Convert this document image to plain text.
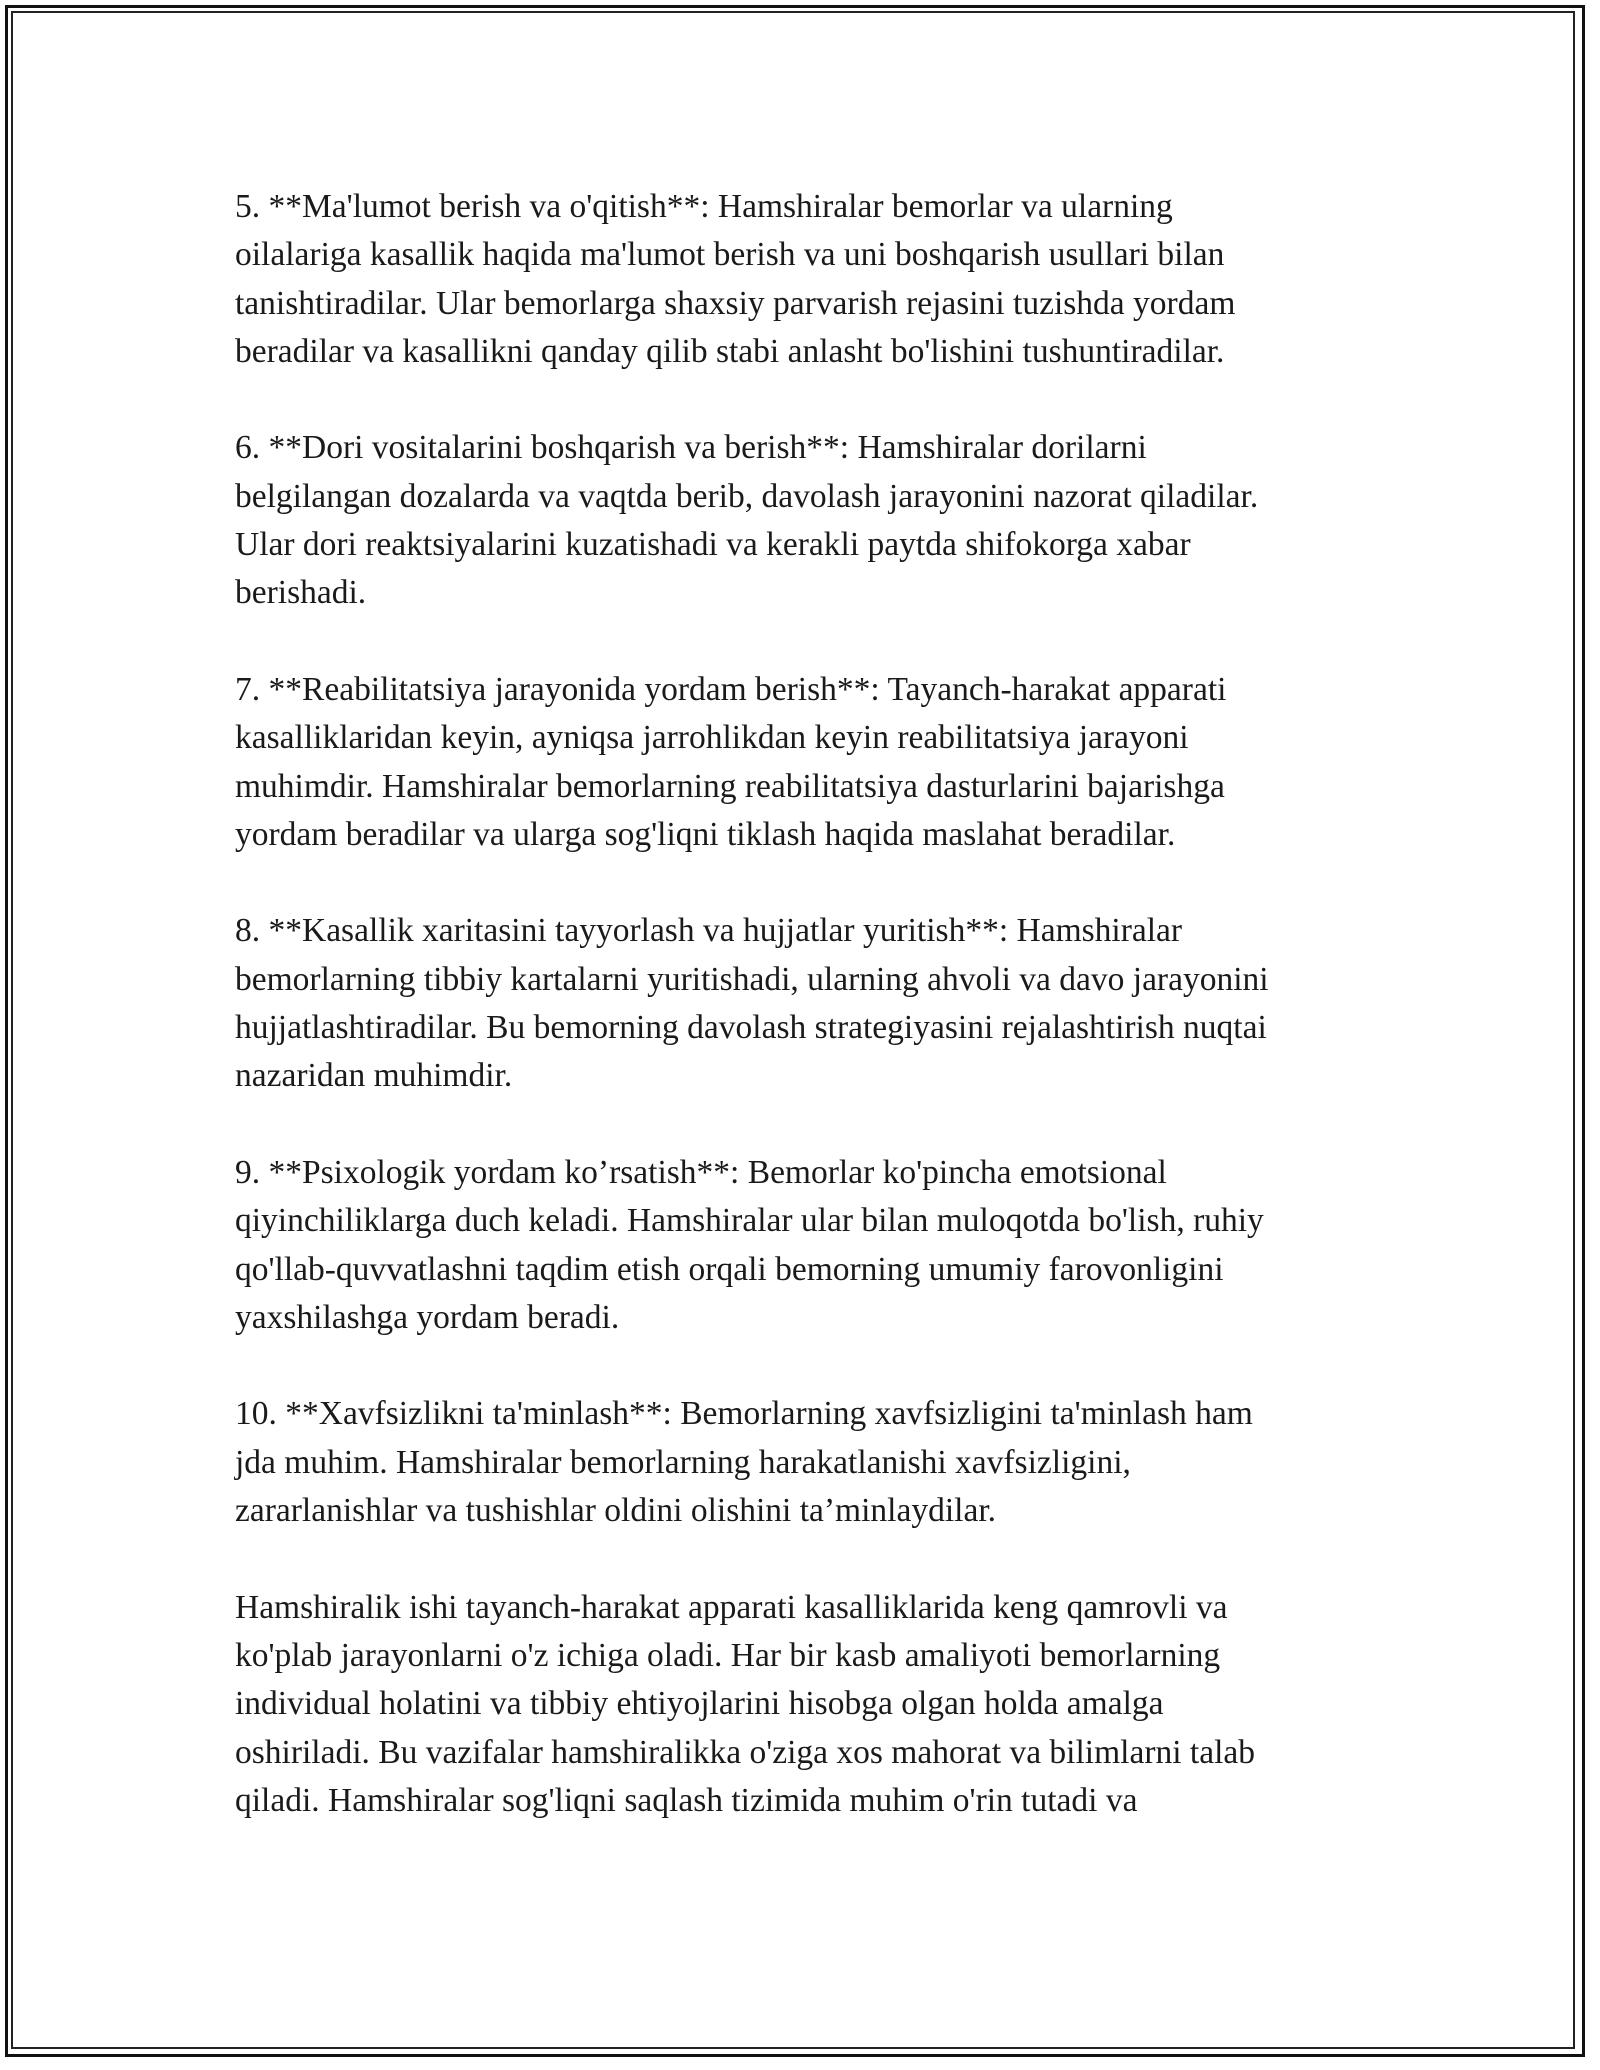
5. **Ma'lumot berish va o'qitish**: Hamshiralar bemorlar va ularning
oilalariga kasallik haqida ma'lumot berish va uni boshqarish usullari bilan
tanishtiradilar. Ular bemorlarga shaxsiy parvarish rejasini tuzishda yordam
beradilar va kasallikni qanday qilib stabi anlasht bo'lishini tushuntiradilar.

6. **Dori vositalarini boshqarish va berish**: Hamshiralar dorilarni
belgilangan dozalarda va vaqtda berib, davolash jarayonini nazorat qiladilar.
Ular dori reaktsiyalarini kuzatishadi va kerakli paytda shifokorga xabar
berishadi.

7. **Reabilitatsiya jarayonida yordam berish**: Tayanch-harakat apparati
kasalliklaridan keyin, ayniqsa jarrohlikdan keyin reabilitatsiya jarayoni
muhimdir. Hamshiralar bemorlarning reabilitatsiya dasturlarini bajarishga
yordam beradilar va ularga sog'liqni tiklash haqida maslahat beradilar.

8. **Kasallik xaritasini tayyorlash va hujjatlar yuritish**: Hamshiralar
bemorlarning tibbiy kartalarni yuritishadi, ularning ahvoli va davo jarayonini
hujjatlashtiradilar. Bu bemorning davolash strategiyasini rejalashtirish nuqtai
nazaridan muhimdir.

9. **Psixologik yordam ko’rsatish**: Bemorlar ko'pincha emotsional
qiyinchiliklarga duch keladi. Hamshiralar ular bilan muloqotda bo'lish, ruhiy
qo'llab-quvvatlashni taqdim etish orqali bemorning umumiy farovonligini
yaxshilashga yordam beradi.

10. **Xavfsizlikni ta'minlash**: Bemorlarning xavfsizligini ta'minlash ham
jda muhim. Hamshiralar bemorlarning harakatlanishi xavfsizligini,
zararlanishlar va tushishlar oldini olishini ta’minlaydilar.

Hamshiralik ishi tayanch-harakat apparati kasalliklarida keng qamrovli va
ko'plab jarayonlarni o'z ichiga oladi. Har bir kasb amaliyoti bemorlarning
individual holatini va tibbiy ehtiyojlarini hisobga olgan holda amalga
oshiriladi. Bu vazifalar hamshiralikka o'ziga xos mahorat va bilimlarni talab
qiladi. Hamshiralar sog'liqni saqlash tizimida muhim o'rin tutadi va
